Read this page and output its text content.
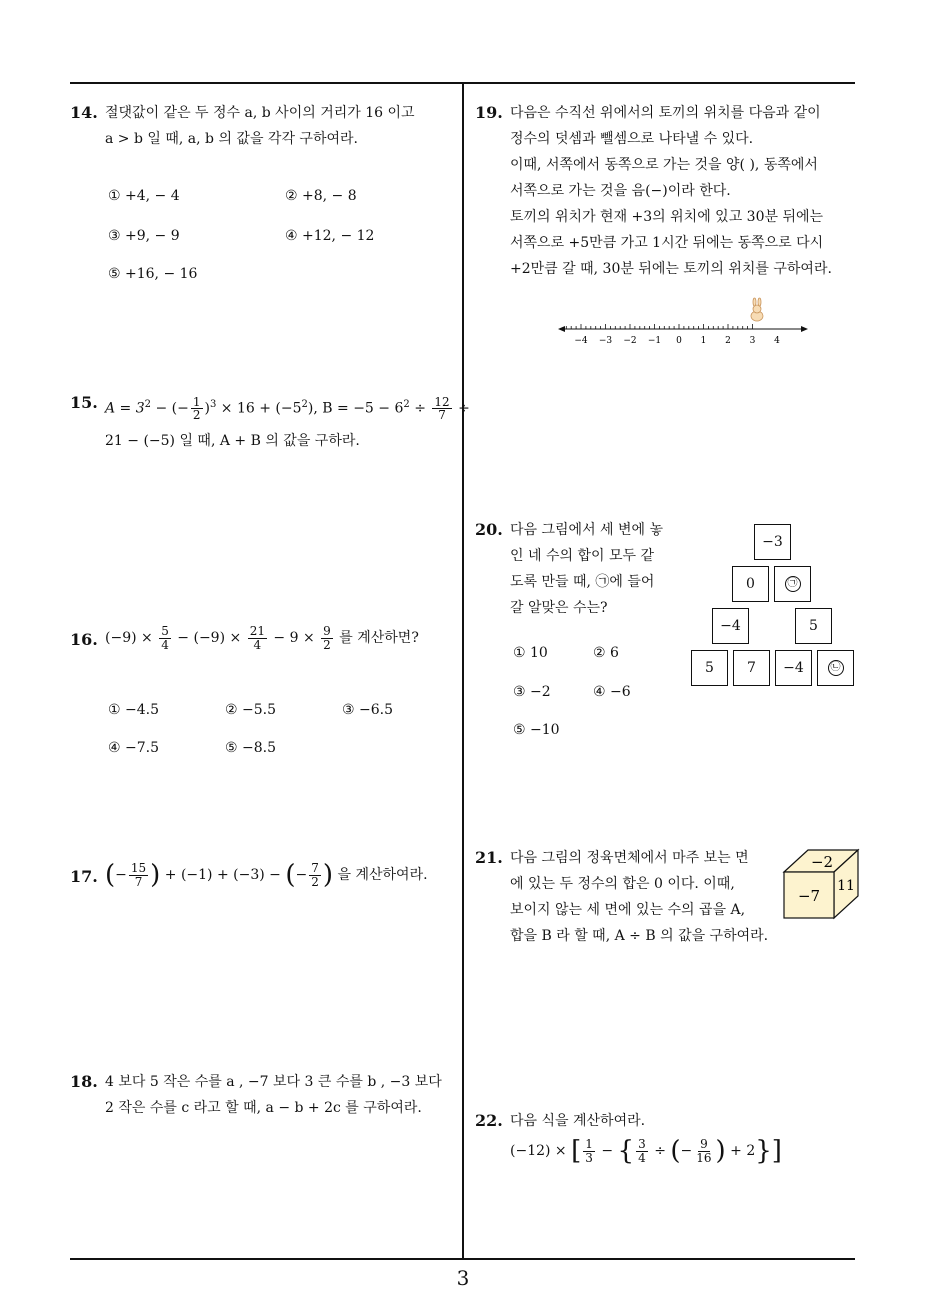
14. 절댓값이 같은 두 정수 a, b 사이의 거리가 16 이고
a > b 일 때, a, b 의 값을 각각 구하여라.
① +4, − 4	② +8, − 8
③ +9, − 9	④ +12, − 12
⑤ +16, − 16
15. $A = 3^2$ − (− $\frac{1}{2} )^3 \times 16 + (-5^2)$, $B = -5 - 6^2 \div \frac{12}{7}$ ÷
21 − (−5) 일 때, A + B 의 값을 구하라.
16. $(-9) \times \frac{5}{4} - (-9) \times \frac{21}{4} - 9 \times \frac{9}{2}$ 를 계산하면?
① −4.5	② −5.5	③ −6.5
④ −7.5	⑤ −8.5
17. (− $\frac{15}{7}$ ) + (−1) + (−3) − (− $\frac{7}{2}$ ) 을 계산하여라.
18. 4 보다 5 작은 수를 a , −7 보다 3 큰 수를 b , −3 보다
2 작은 수를 c 라고 할 때, a − b + 2c 를 구하여라.
19. 다음은 수직선 위에서의 토끼의 위치를 다음과 같이
정수의 덧셈과 뺄셈으로 나타낼 수 있다.
이때, 서쪽에서 동쪽으로 가는 것을 양( ), 동쪽에서
서쪽으로 가는 것을 음(−)이라 한다.
토끼의 위치가 현재 +3의 위치에 있고 30분 뒤에는
서쪽으로 +5만큼 가고 1시간 뒤에는 동쪽으로 다시
+2만큼 갈 때, 30분 뒤에는 토끼의 위치를 구하여라.
−4 −3 −2 −1 0 1 2 3 4
20. 다음 그림에서 세 변에 놓
인 네 수의 합이 모두 같
도록 만들 때, ㉠에 들어
갈 알맞은 수는?
① 10	② 6
③ −2	④ −6
⑤ −10
−3
0	㉠
−4	5
5	7	−4	㉡
21. 다음 그림의 정육면체에서 마주 보는 면
에 있는 두 정수의 합은 0 이다. 이때,
보이지 않는 세 면에 있는 수의 곱을 A,
합을 B 라 할 때, A ÷ B 의 값을 구하여라.
−2
−7
11
22. 다음 식을 계산하여라.
(−12) × [ $\frac{1}{3}$ − { $\frac{3}{4}$ ÷ (− $\frac{9}{16}$ ) + 2}]
3
